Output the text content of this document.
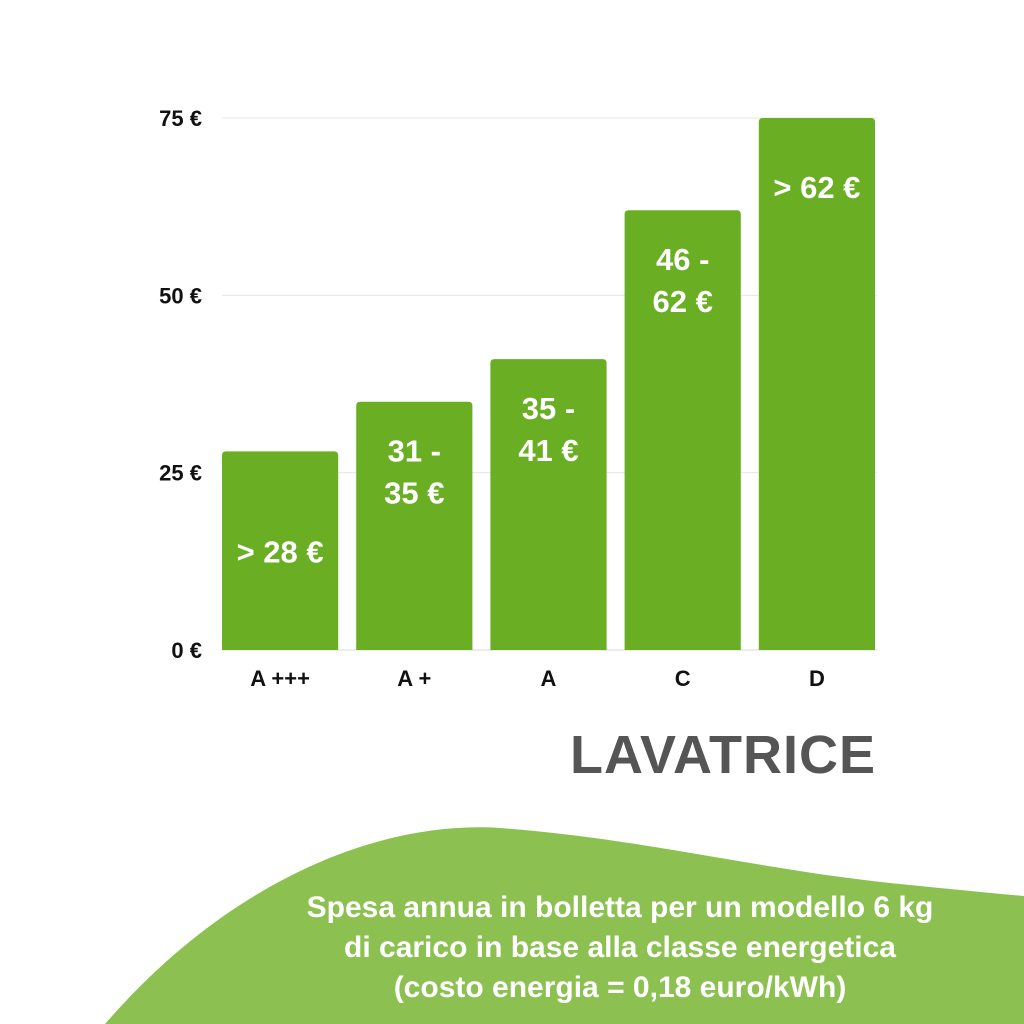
0 €
25 €
50 €
75 €
> 28 €
31 -
35 €
35 -
41 €
46 -
62 €
> 62 €
A +++	A +	A	C	D
LAVATRICE
Spesa annua in bolletta per un modello 6 kg
di carico in base alla classe energetica
(costo energia = 0,18 euro/kWh)
